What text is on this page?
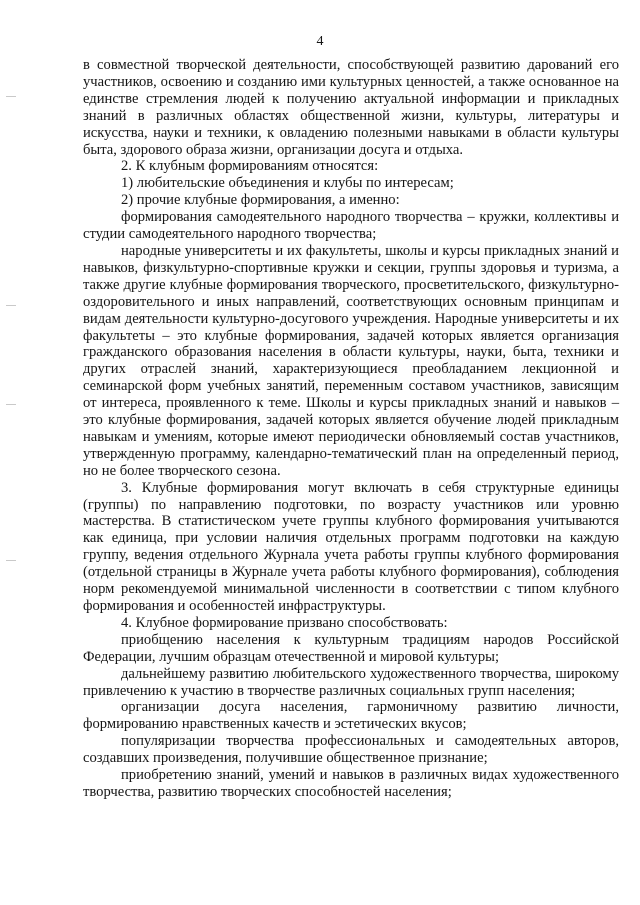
4

в совместной творческой деятельности, способствующей развитию дарований его участников, освоению и созданию ими культурных ценностей, а также основанное на единстве стремления людей к получению актуальной информации и прикладных знаний в различных областях общественной жизни, культуры, литературы и искусства, науки и техники, к овладению полезными навыками в области культуры быта, здорового образа жизни, организации досуга и отдыха.

2. К клубным формированиям относятся:

1) любительские объединения и клубы по интересам;

2) прочие клубные формирования, а именно:

формирования самодеятельного народного творчества – кружки, коллективы и студии самодеятельного народного творчества;

народные университеты и их факультеты, школы и курсы прикладных знаний и навыков, физкультурно-спортивные кружки и секции, группы здоровья и туризма, а также другие клубные формирования творческого, просветительского, физкультурно-оздоровительного и иных направлений, соответствующих основным принципам и видам деятельности культурно-досугового учреждения. Народные университеты и их факультеты – это клубные формирования, задачей которых является организация гражданского образования населения в области культуры, науки, быта, техники и других отраслей знаний, характеризующиеся преобладанием лекционной и семинарской форм учебных занятий, переменным составом участников, зависящим от интереса, проявленного к теме. Школы и курсы прикладных знаний и навыков – это клубные формирования, задачей которых является обучение людей прикладным навыкам и умениям, которые имеют периодически обновляемый состав участников, утвержденную программу, календарно-тематический план на определенный период, но не более творческого сезона.

3. Клубные формирования могут включать в себя структурные единицы (группы) по направлению подготовки, по возрасту участников или уровню мастерства. В статистическом учете группы клубного формирования учитываются как единица, при условии наличия отдельных программ подготовки на каждую группу, ведения отдельного Журнала учета работы группы клубного формирования (отдельной страницы в Журнале учета работы клубного формирования), соблюдения норм рекомендуемой минимальной численности в соответствии с типом клубного формирования и особенностей инфраструктуры.

4. Клубное формирование призвано способствовать:

приобщению населения к культурным традициям народов Российской Федерации, лучшим образцам отечественной и мировой культуры;

дальнейшему развитию любительского художественного творчества, широкому привлечению к участию в творчестве различных социальных групп населения;

организации досуга населения, гармоничному развитию личности, формированию нравственных качеств и эстетических вкусов;

популяризации творчества профессиональных и самодеятельных авторов, создавших произведения, получившие общественное признание;

приобретению знаний, умений и навыков в различных видах художественного творчества, развитию творческих способностей населения;
